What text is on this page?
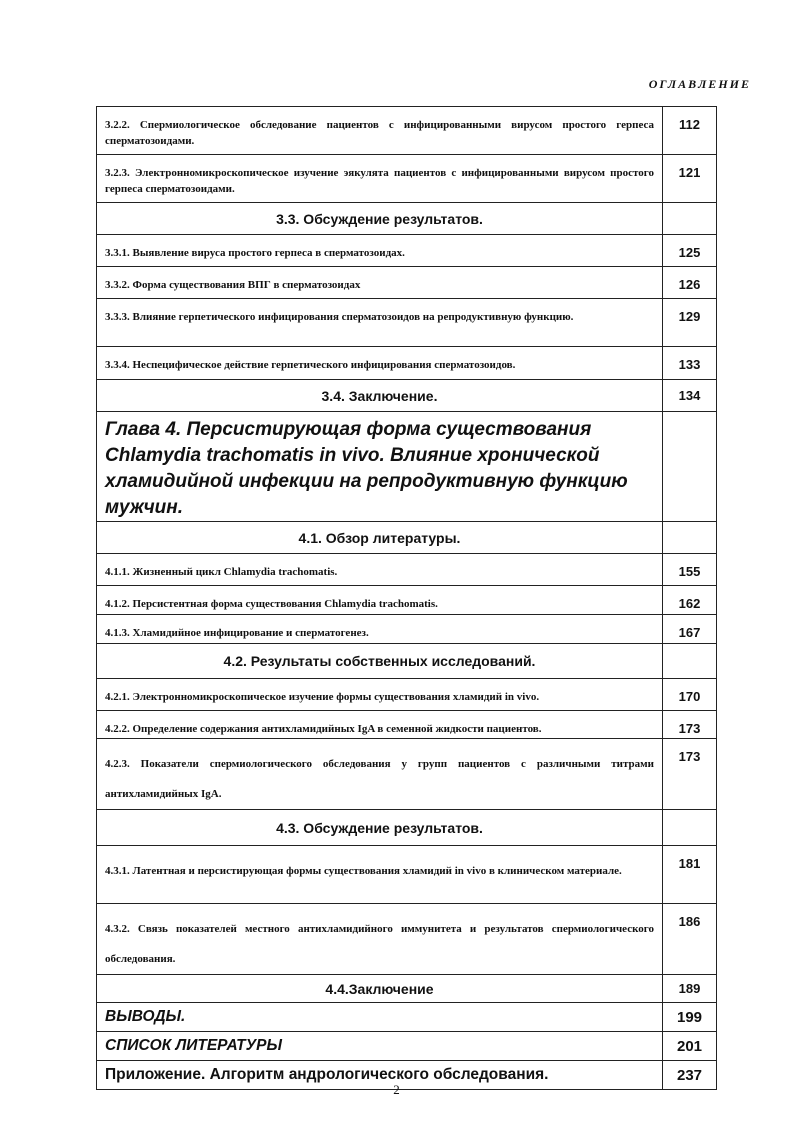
ОГЛАВЛЕНИЕ
3.2.2. Спермиологическое обследование пациентов с инфицированными вирусом простого герпеса сперматозоидами.	112
3.2.3. Электронномикроскопическое изучение эякулята пациентов с инфицированными вирусом простого герпеса сперматозоидами.	121
3.3. Обсуждение результатов.	
3.3.1. Выявление вируса простого герпеса в сперматозоидах.	125
3.3.2. Форма существования ВПГ в сперматозоидах	126
3.3.3. Влияние герпетического инфицирования сперматозоидов на репродуктивную функцию.	129
3.3.4. Неспецифическое действие герпетического инфицирования сперматозоидов.	133
3.4. Заключение.	134
Глава 4. Персистирующая форма существования Chlamydia trachomatis in vivo. Влияние хронической хламидийной инфекции на репродуктивную функцию мужчин.	
4.1. Обзор литературы.	
4.1.1. Жизненный цикл Chlamydia trachomatis.	155
4.1.2. Персистентная форма существования Chlamydia trachomatis.	162
4.1.3. Хламидийное инфицирование и сперматогенез.	167
4.2. Результаты собственных исследований.	
4.2.1. Электронномикроскопическое изучение формы существования хламидий in vivo.	170
4.2.2. Определение содержания антихламидийных IgA в семенной жидкости пациентов.	173
4.2.3. Показатели спермиологического обследования у групп пациентов с различными титрами антихламидийных IgA.	173
4.3. Обсуждение результатов.	
4.3.1. Латентная и персистирующая формы существования хламидий in vivo в клиническом материале.	181
4.3.2. Связь показателей местного антихламидийного иммунитета и результатов спермиологического обследования.	186
4.4.Заключение	189
ВЫВОДЫ.	199
СПИСОК ЛИТЕРАТУРЫ	201
Приложение. Алгоритм андрологического обследования.	237
2
